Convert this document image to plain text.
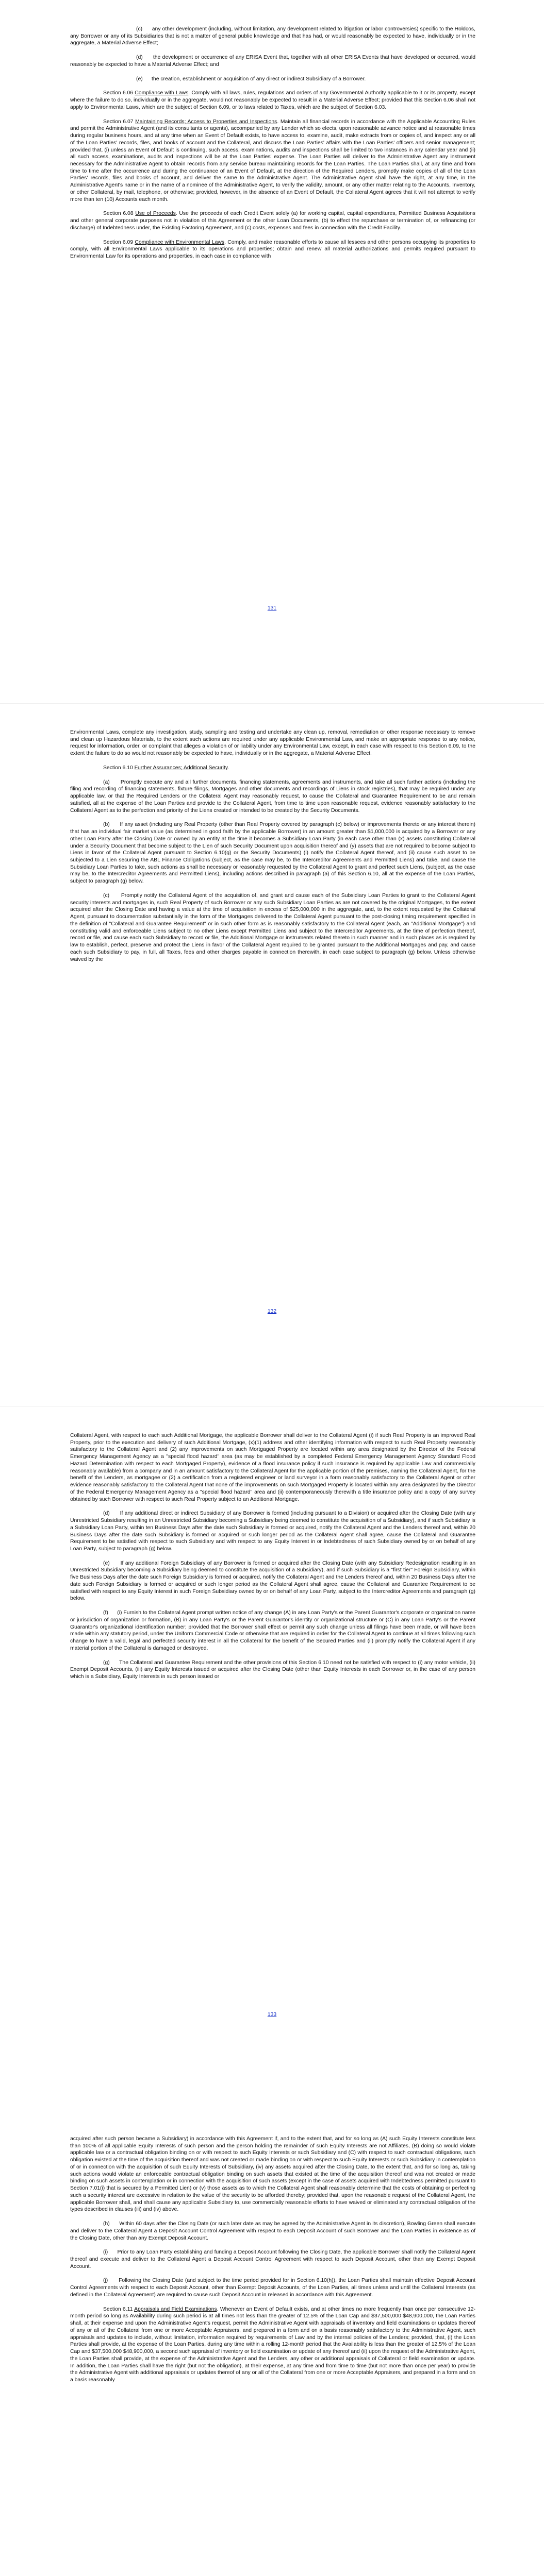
(c) any other development (including, without limitation, any development related to litigation or labor controversies) specific to the Holdcos, any Borrower or any of its Subsidiaries that is not a matter of general public knowledge and that has had, or would reasonably be expected to have, individually or in the aggregate, a Material Adverse Effect;

(d) the development or occurrence of any ERISA Event that, together with all other ERISA Events that have developed or occurred, would reasonably be expected to have a Material Adverse Effect; and

(e) the creation, establishment or acquisition of any direct or indirect Subsidiary of a Borrower.

Section 6.06 Compliance with Laws. Comply with all laws, rules, regulations and orders of any Governmental Authority applicable to it or its property, except where the failure to do so, individually or in the aggregate, would not reasonably be expected to result in a Material Adverse Effect; provided that this Section 6.06 shall not apply to Environmental Laws, which are the subject of Section 6.09, or to laws related to Taxes, which are the subject of Section 6.03.

Section 6.07 Maintaining Records; Access to Properties and Inspections. Maintain all financial records in accordance with the Applicable Accounting Rules and permit the Administrative Agent (and its consultants or agents), accompanied by any Lender which so elects, upon reasonable advance notice and at reasonable times during regular business hours, and at any time when an Event of Default exists, to have access to, examine, audit, make extracts from or copies of, and inspect any or all of the Loan Parties' records, files, and books of account and the Collateral, and discuss the Loan Parties' affairs with the Loan Parties' officers and senior management; provided that, (i) unless an Event of Default is continuing, such access, examinations, audits and inspections shall be limited to two instances in any calendar year and (ii) all such access, examinations, audits and inspections will be at the Loan Parties' expense. The Loan Parties will deliver to the Administrative Agent any instrument necessary for the Administrative Agent to obtain records from any service bureau maintaining records for the Loan Parties. The Loan Parties shall, at any time and from time to time after the occurrence and during the continuance of an Event of Default, at the direction of the Required Lenders, promptly make copies of all of the Loan Parties' records, files and books of account, and deliver the same to the Administrative Agent. The Administrative Agent shall have the right, at any time, in the Administrative Agent's name or in the name of a nominee of the Administrative Agent, to verify the validity, amount, or any other matter relating to the Accounts, Inventory, or other Collateral, by mail, telephone, or otherwise; provided, however, in the absence of an Event of Default, the Collateral Agent agrees that it will not attempt to verify more than ten (10) Accounts each month.

Section 6.08 Use of Proceeds. Use the proceeds of each Credit Event solely (a) for working capital, capital expenditures, Permitted Business Acquisitions and other general corporate purposes not in violation of this Agreement or the other Loan Documents, (b) to effect the repurchase or termination of, or refinancing (or discharge) of Indebtedness under, the Existing Factoring Agreement, and (c) costs, expenses and fees in connection with the Credit Facility.

Section 6.09 Compliance with Environmental Laws. Comply, and make reasonable efforts to cause all lessees and other persons occupying its properties to comply, with all Environmental Laws applicable to its operations and properties; obtain and renew all material authorizations and permits required pursuant to Environmental Law for its operations and properties, in each case in compliance with

131

Environmental Laws, complete any investigation, study, sampling and testing and undertake any clean up, removal, remediation or other response necessary to remove and clean up Hazardous Materials, to the extent such actions are required under any applicable Environmental Law, and make an appropriate response to any notice, request for information, order, or complaint that alleges a violation of or liability under any Environmental Law, except, in each case with respect to this Section 6.09, to the extent the failure to do so would not reasonably be expected to have, individually or in the aggregate, a Material Adverse Effect.

Section 6.10 Further Assurances; Additional Security.

(a) Promptly execute any and all further documents, financing statements, agreements and instruments, and take all such further actions (including the filing and recording of financing statements, fixture filings, Mortgages and other documents and recordings of Liens in stock registries), that may be required under any applicable law, or that the Required Lenders or the Collateral Agent may reasonably request, to cause the Collateral and Guarantee Requirement to be and remain satisfied, all at the expense of the Loan Parties and provide to the Collateral Agent, from time to time upon reasonable request, evidence reasonably satisfactory to the Collateral Agent as to the perfection and priority of the Liens created or intended to be created by the Security Documents.

(b) If any asset (including any Real Property (other than Real Property covered by paragraph (c) below) or improvements thereto or any interest therein) that has an individual fair market value (as determined in good faith by the applicable Borrower) in an amount greater than $1,000,000 is acquired by a Borrower or any other Loan Party after the Closing Date or owned by an entity at the time it becomes a Subsidiary Loan Party (in each case other than (x) assets constituting Collateral under a Security Document that become subject to the Lien of such Security Document upon acquisition thereof and (y) assets that are not required to become subject to Liens in favor of the Collateral Agent pursuant to Section 6.10(g) or the Security Documents) (i) notify the Collateral Agent thereof, and (ii) cause such asset to be subjected to a Lien securing the ABL Finance Obligations (subject, as the case may be, to the Intercreditor Agreements and Permitted Liens) and take, and cause the Subsidiary Loan Parties to take, such actions as shall be necessary or reasonably requested by the Collateral Agent to grant and perfect such Liens, (subject, as the case may be, to the Intercreditor Agreements and Permitted Liens), including actions described in paragraph (a) of this Section 6.10, all at the expense of the Loan Parties, subject to paragraph (g) below.

(c) Promptly notify the Collateral Agent of the acquisition of, and grant and cause each of the Subsidiary Loan Parties to grant to the Collateral Agent security interests and mortgages in, such Real Property of such Borrower or any such Subsidiary Loan Parties as are not covered by the original Mortgages, to the extent acquired after the Closing Date and having a value at the time of acquisition in excess of $25,000,000 in the aggregate, and, to the extent requested by the Collateral Agent, pursuant to documentation substantially in the form of the Mortgages delivered to the Collateral Agent pursuant to the post-closing timing requirement specified in the definition of "Collateral and Guarantee Requirement" or in such other form as is reasonably satisfactory to the Collateral Agent (each, an "Additional Mortgage") and constituting valid and enforceable Liens subject to no other Liens except Permitted Liens and subject to the Intercreditor Agreements, at the time of perfection thereof, record or file, and cause each such Subsidiary to record or file, the Additional Mortgage or instruments related thereto in such manner and in such places as is required by law to establish, perfect, preserve and protect the Liens in favor of the Collateral Agent required to be granted pursuant to the Additional Mortgages and pay, and cause each such Subsidiary to pay, in full, all Taxes, fees and other charges payable in connection therewith, in each case subject to paragraph (g) below. Unless otherwise waived by the

132

Collateral Agent, with respect to each such Additional Mortgage, the applicable Borrower shall deliver to the Collateral Agent (i) if such Real Property is an improved Real Property, prior to the execution and delivery of such Additional Mortgage, (x)(1) address and other identifying information with respect to such Real Property reasonably satisfactory to the Collateral Agent and (2) any improvements on such Mortgaged Property are located within any area designated by the Director of the Federal Emergency Management Agency as a "special flood hazard" area (as may be established by a completed Federal Emergency Management Agency Standard Flood Hazard Determination with respect to each Mortgaged Property), evidence of a flood insurance policy if such insurance is required by applicable Law and commercially reasonably available) from a company and in an amount satisfactory to the Collateral Agent for the applicable portion of the premises, naming the Collateral Agent, for the benefit of the Lenders, as mortgagee or (2) a certification from a registered engineer or land surveyor in a form reasonably satisfactory to the Collateral Agent or other evidence reasonably satisfactory to the Collateral Agent that none of the improvements on such Mortgaged Property is located within any area designated by the Director of the Federal Emergency Management Agency as a "special flood hazard" area and (ii) contemporaneously therewith a title insurance policy and a copy of any survey obtained by such Borrower with respect to such Real Property subject to an Additional Mortgage.

(d) If any additional direct or indirect Subsidiary of any Borrower is formed (including pursuant to a Division) or acquired after the Closing Date (with any Unrestricted Subsidiary resulting in an Unrestricted Subsidiary becoming a Subsidiary being deemed to constitute the acquisition of a Subsidiary), and if such Subsidiary is a Subsidiary Loan Party, within ten Business Days after the date such Subsidiary is formed or acquired, notify the Collateral Agent and the Lenders thereof and, within 20 Business Days after the date such Subsidiary is formed or acquired or such longer period as the Collateral Agent shall agree, cause the Collateral and Guarantee Requirement to be satisfied with respect to such Subsidiary and with respect to any Equity Interest in or Indebtedness of such Subsidiary owned by or on behalf of any Loan Party, subject to paragraph (g) below.

(e) If any additional Foreign Subsidiary of any Borrower is formed or acquired after the Closing Date (with any Subsidiary Redesignation resulting in an Unrestricted Subsidiary becoming a Subsidiary being deemed to constitute the acquisition of a Subsidiary), and if such Subsidiary is a "first tier" Foreign Subsidiary, within five Business Days after the date such Foreign Subsidiary is formed or acquired, notify the Collateral Agent and the Lenders thereof and, within 20 Business Days after the date such Foreign Subsidiary is formed or acquired or such longer period as the Collateral Agent shall agree, cause the Collateral and Guarantee Requirement to be satisfied with respect to any Equity Interest in such Foreign Subsidiary owned by or on behalf of any Loan Party, subject to the Intercreditor Agreements and paragraph (g) below.

(f) (i) Furnish to the Collateral Agent prompt written notice of any change (A) in any Loan Party's or the Parent Guarantor's corporate or organization name or jurisdiction of organization or formation, (B) in any Loan Party's or the Parent Guarantor's identity or organizational structure or (C) in any Loan Party's or the Parent Guarantor's organizational identification number; provided that the Borrower shall effect or permit any such change unless all filings have been made, or will have been made within any statutory period, under the Uniform Commercial Code or otherwise that are required in order for the Collateral Agent to continue at all times following such change to have a valid, legal and perfected security interest in all the Collateral for the benefit of the Secured Parties and (ii) promptly notify the Collateral Agent if any material portion of the Collateral is damaged or destroyed.

(g) The Collateral and Guarantee Requirement and the other provisions of this Section 6.10 need not be satisfied with respect to (i) any motor vehicle, (ii) Exempt Deposit Accounts, (iii) any Equity Interests issued or acquired after the Closing Date (other than Equity Interests in each Borrower or, in the case of any person which is a Subsidiary, Equity Interests in such person issued or

133

acquired after such person became a Subsidiary) in accordance with this Agreement if, and to the extent that, and for so long as (A) such Equity Interests constitute less than 100% of all applicable Equity Interests of such person and the person holding the remainder of such Equity Interests are not Affiliates, (B) doing so would violate applicable law or a contractual obligation binding on or with respect to such Equity Interests or such Subsidiary and (C) with respect to such contractual obligations, such obligation existed at the time of the acquisition thereof and was not created or made binding on or with respect to such Equity Interests or such Subsidiary in contemplation of or in connection with the acquisition of such Equity Interests of Subsidiary, (iv) any assets acquired after the Closing Date, to the extent that, and for so long as, taking such actions would violate an enforceable contractual obligation binding on such assets that existed at the time of the acquisition thereof and was not created or made binding on such assets in contemplation or in connection with the acquisition of such assets (except in the case of assets acquired with Indebtedness permitted pursuant to Section 7.01(i) that is secured by a Permitted Lien) or (v) those assets as to which the Collateral Agent shall reasonably determine that the costs of obtaining or perfecting such a security interest are excessive in relation to the value of the security to be afforded thereby; provided that, upon the reasonable request of the Collateral Agent, the applicable Borrower shall, and shall cause any applicable Subsidiary to, use commercially reasonable efforts to have waived or eliminated any contractual obligation of the types described in clauses (iii) and (iv) above.

(h) Within 60 days after the Closing Date (or such later date as may be agreed by the Administrative Agent in its discretion), Bowling Green shall execute and deliver to the Collateral Agent a Deposit Account Control Agreement with respect to each Deposit Account of such Borrower and the Loan Parties in existence as of the Closing Date, other than any Exempt Deposit Account.

(i) Prior to any Loan Party establishing and funding a Deposit Account following the Closing Date, the applicable Borrower shall notify the Collateral Agent thereof and execute and deliver to the Collateral Agent a Deposit Account Control Agreement with respect to such Deposit Account, other than any Exempt Deposit Account.

(j) Following the Closing Date (and subject to the time period provided for in Section 6.10(h)), the Loan Parties shall maintain effective Deposit Account Control Agreements with respect to each Deposit Account, other than Exempt Deposit Accounts, of the Loan Parties, all times unless and until the Collateral Interests (as defined in the Collateral Agreement) are required to cause such Deposit Account in released in accordance with this Agreement.

Section 6.11 Appraisals and Field Examinations. Whenever an Event of Default exists, and at other times no more frequently than once per consecutive 12-month period so long as Availability during such period is at all times not less than the greater of 12.5% of the Loan Cap and $37,500,000 $48,900,000, the Loan Parties shall, at their expense and upon the Administrative Agent's request, permit the Administrative Agent with appraisals of inventory and field examinations or updates thereof of any or all of the Collateral from one or more Acceptable Appraisers, and prepared in a form and on a basis reasonably satisfactory to the Administrative Agent, such appraisals and updates to include, without limitation, information required by requirements of Law and by the internal policies of the Lenders; provided, that, (i) the Loan Parties shall provide, at the expense of the Loan Parties, during any time within a rolling 12-month period that the Availability is less than the greater of 12.5% of the Loan Cap and $37,500,000 $48,900,000, a second such appraisal of inventory or field examination or update of any thereof and (ii) upon the request of the Administrative Agent, the Loan Parties shall provide, at the expense of the Administrative Agent and the Lenders, any other or additional appraisals of Collateral or field examination or update. In addition, the Loan Parties shall have the right (but not the obligation), at their expense, at any time and from time to time (but not more than once per year) to provide the Administrative Agent with additional appraisals or updates thereof of any or all of the Collateral from one or more Acceptable Appraisers, and prepared in a form and on a basis reasonably
